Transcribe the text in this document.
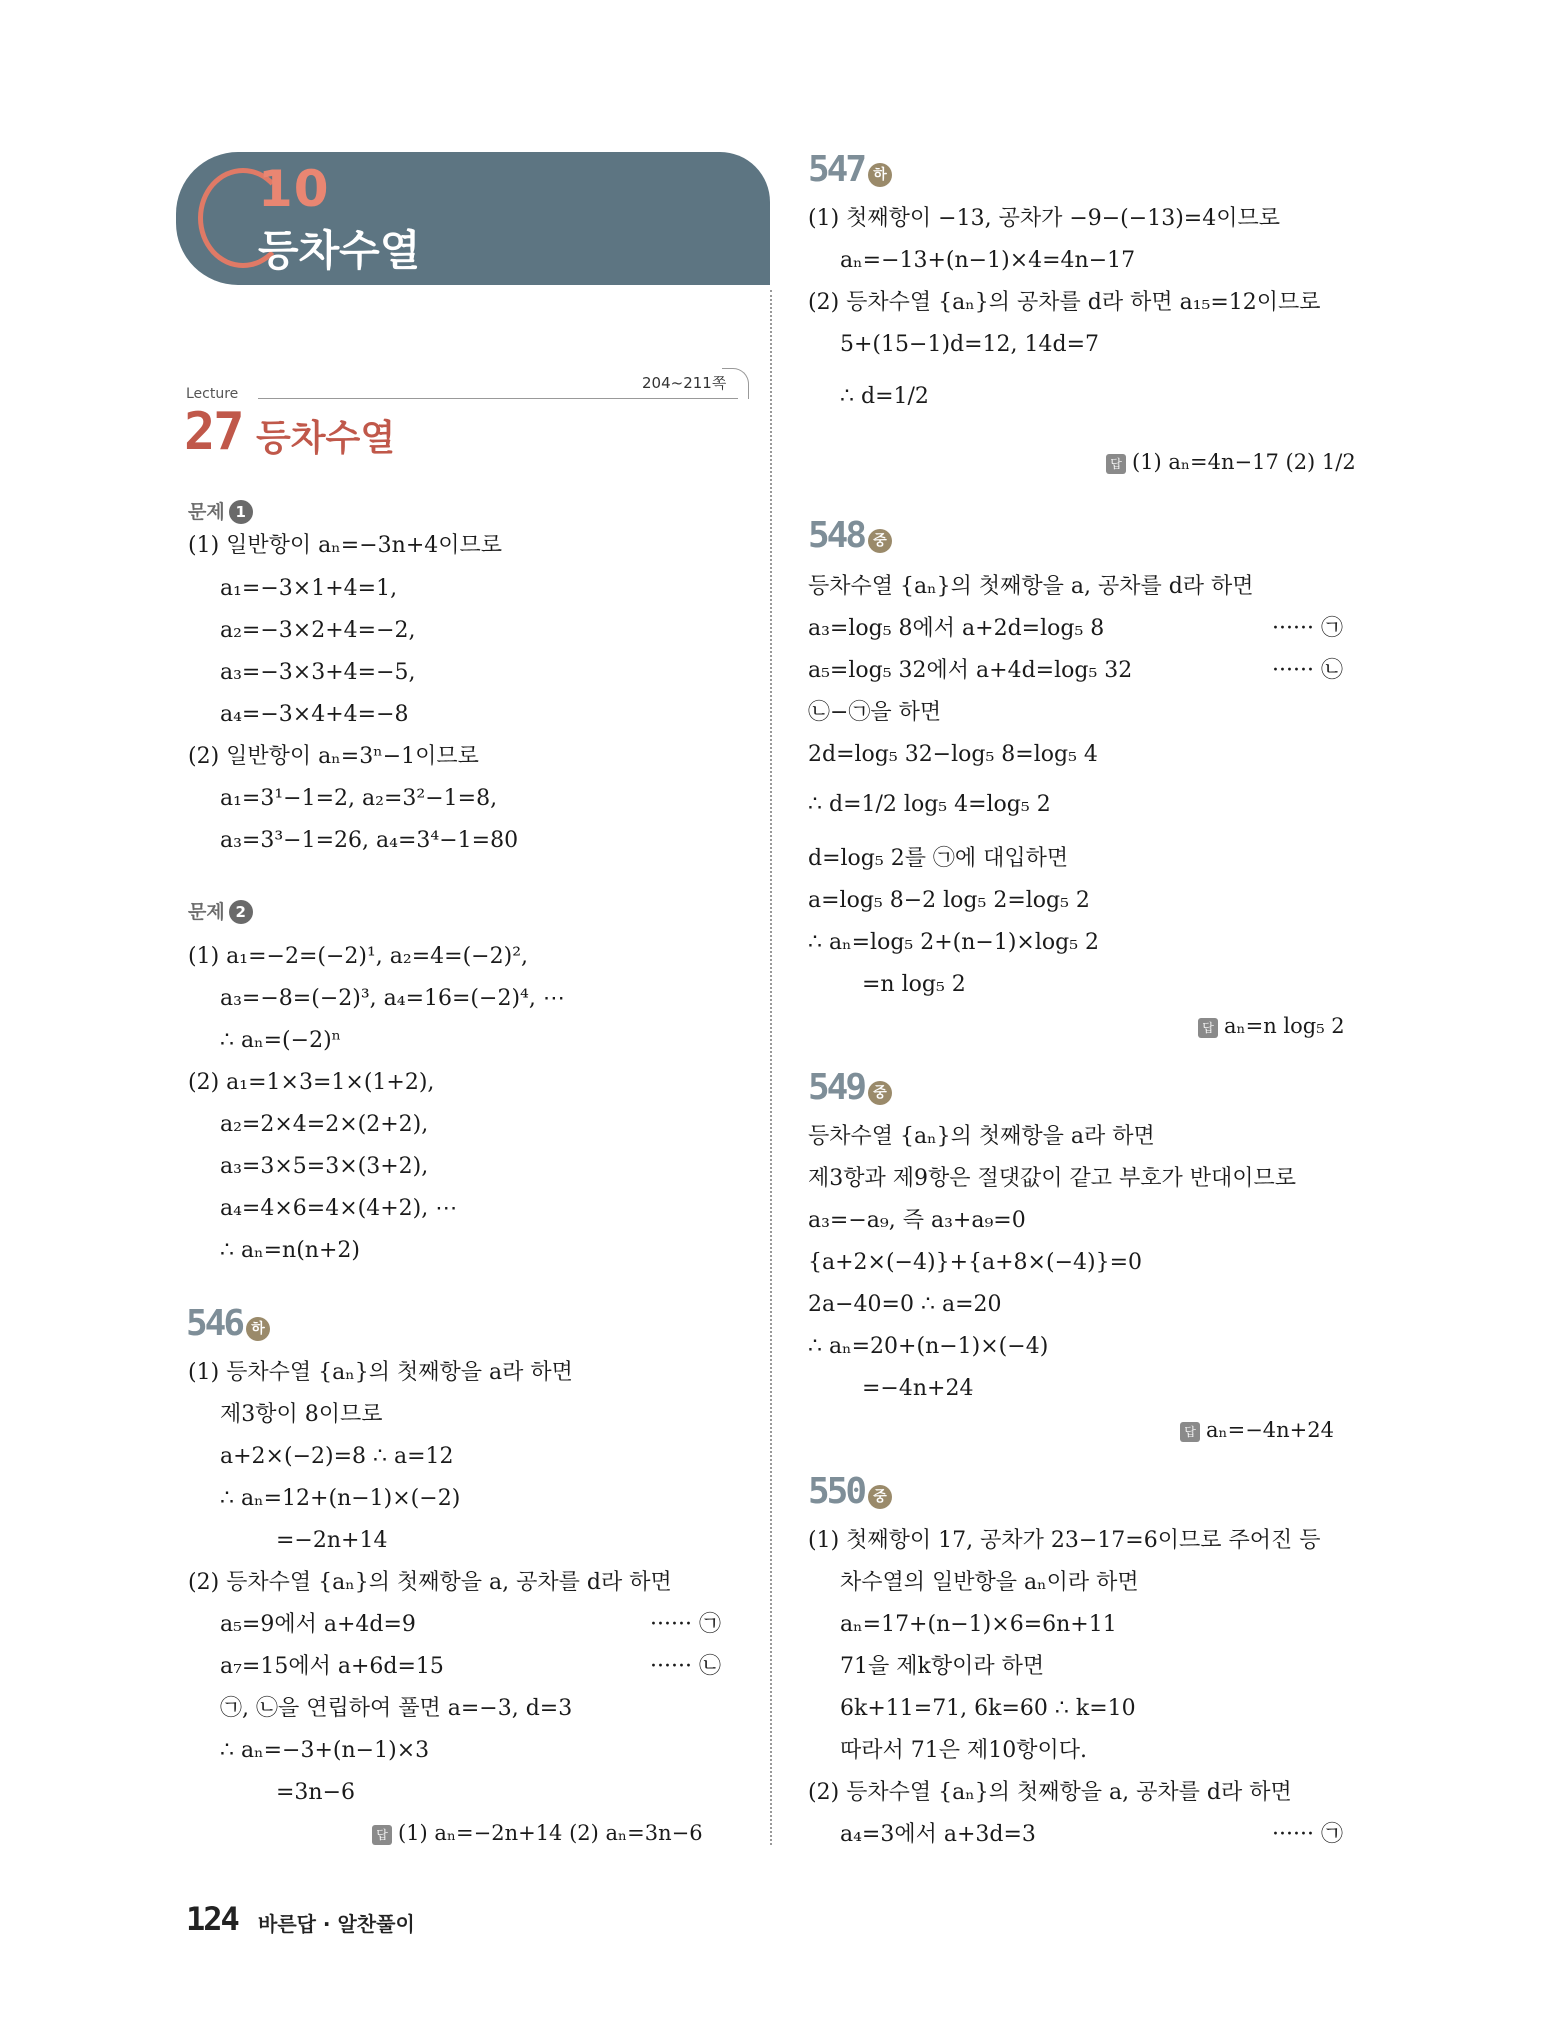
10
등차수열
Lecture
204~211쪽
27 등차수열
문제 1
(1) 일반항이 aₙ=−3n+4이므로
a₁=−3×1+4=1,
a₂=−3×2+4=−2,
a₃=−3×3+4=−5,
a₄=−3×4+4=−8
(2) 일반항이 aₙ=3ⁿ−1이므로
a₁=3¹−1=2, a₂=3²−1=8,
a₃=3³−1=26, a₄=3⁴−1=80
문제 2
(1) a₁=−2=(−2)¹, a₂=4=(−2)²,
a₃=−8=(−2)³, a₄=16=(−2)⁴, ⋯
∴ aₙ=(−2)ⁿ
(2) a₁=1×3=1×(1+2),
a₂=2×4=2×(2+2),
a₃=3×5=3×(3+2),
a₄=4×6=4×(4+2), ⋯
∴ aₙ=n(n+2)
546 하
(1) 등차수열 {aₙ}의 첫째항을 a라 하면
제3항이 8이므로
a+2×(−2)=8 ∴ a=12
∴ aₙ=12+(n−1)×(−2)
=−2n+14
(2) 등차수열 {aₙ}의 첫째항을 a, 공차를 d라 하면
a₅=9에서 a+4d=9	······ ㉠
a₇=15에서 a+6d=15	······ ㉡
㉠, ㉡을 연립하여 풀면 a=−3, d=3
∴ aₙ=−3+(n−1)×3
=3n−6
답 (1) aₙ=−2n+14 (2) aₙ=3n−6
547 하
(1) 첫째항이 −13, 공차가 −9−(−13)=4이므로
aₙ=−13+(n−1)×4=4n−17
(2) 등차수열 {aₙ}의 공차를 d라 하면 a₁₅=12이므로
5+(15−1)d=12, 14d=7
∴ d=1/2
답 (1) aₙ=4n−17 (2) 1/2
548 중
등차수열 {aₙ}의 첫째항을 a, 공차를 d라 하면
a₃=log₅ 8에서 a+2d=log₅ 8	······ ㉠
a₅=log₅ 32에서 a+4d=log₅ 32	······ ㉡
㉡−㉠을 하면
2d=log₅ 32−log₅ 8=log₅ 4
∴ d=1/2 log₅ 4=log₅ 2
d=log₅ 2를 ㉠에 대입하면
a=log₅ 8−2 log₅ 2=log₅ 2
∴ aₙ=log₅ 2+(n−1)×log₅ 2
=n log₅ 2
답 aₙ=n log₅ 2
549 중
등차수열 {aₙ}의 첫째항을 a라 하면
제3항과 제9항은 절댓값이 같고 부호가 반대이므로
a₃=−a₉, 즉 a₃+a₉=0
{a+2×(−4)}+{a+8×(−4)}=0
2a−40=0 ∴ a=20
∴ aₙ=20+(n−1)×(−4)
=−4n+24
답 aₙ=−4n+24
550 중
(1) 첫째항이 17, 공차가 23−17=6이므로 주어진 등
차수열의 일반항을 aₙ이라 하면
aₙ=17+(n−1)×6=6n+11
71을 제k항이라 하면
6k+11=71, 6k=60 ∴ k=10
따라서 71은 제10항이다.
(2) 등차수열 {aₙ}의 첫째항을 a, 공차를 d라 하면
a₄=3에서 a+3d=3	······ ㉠
124 바른답 · 알찬풀이
